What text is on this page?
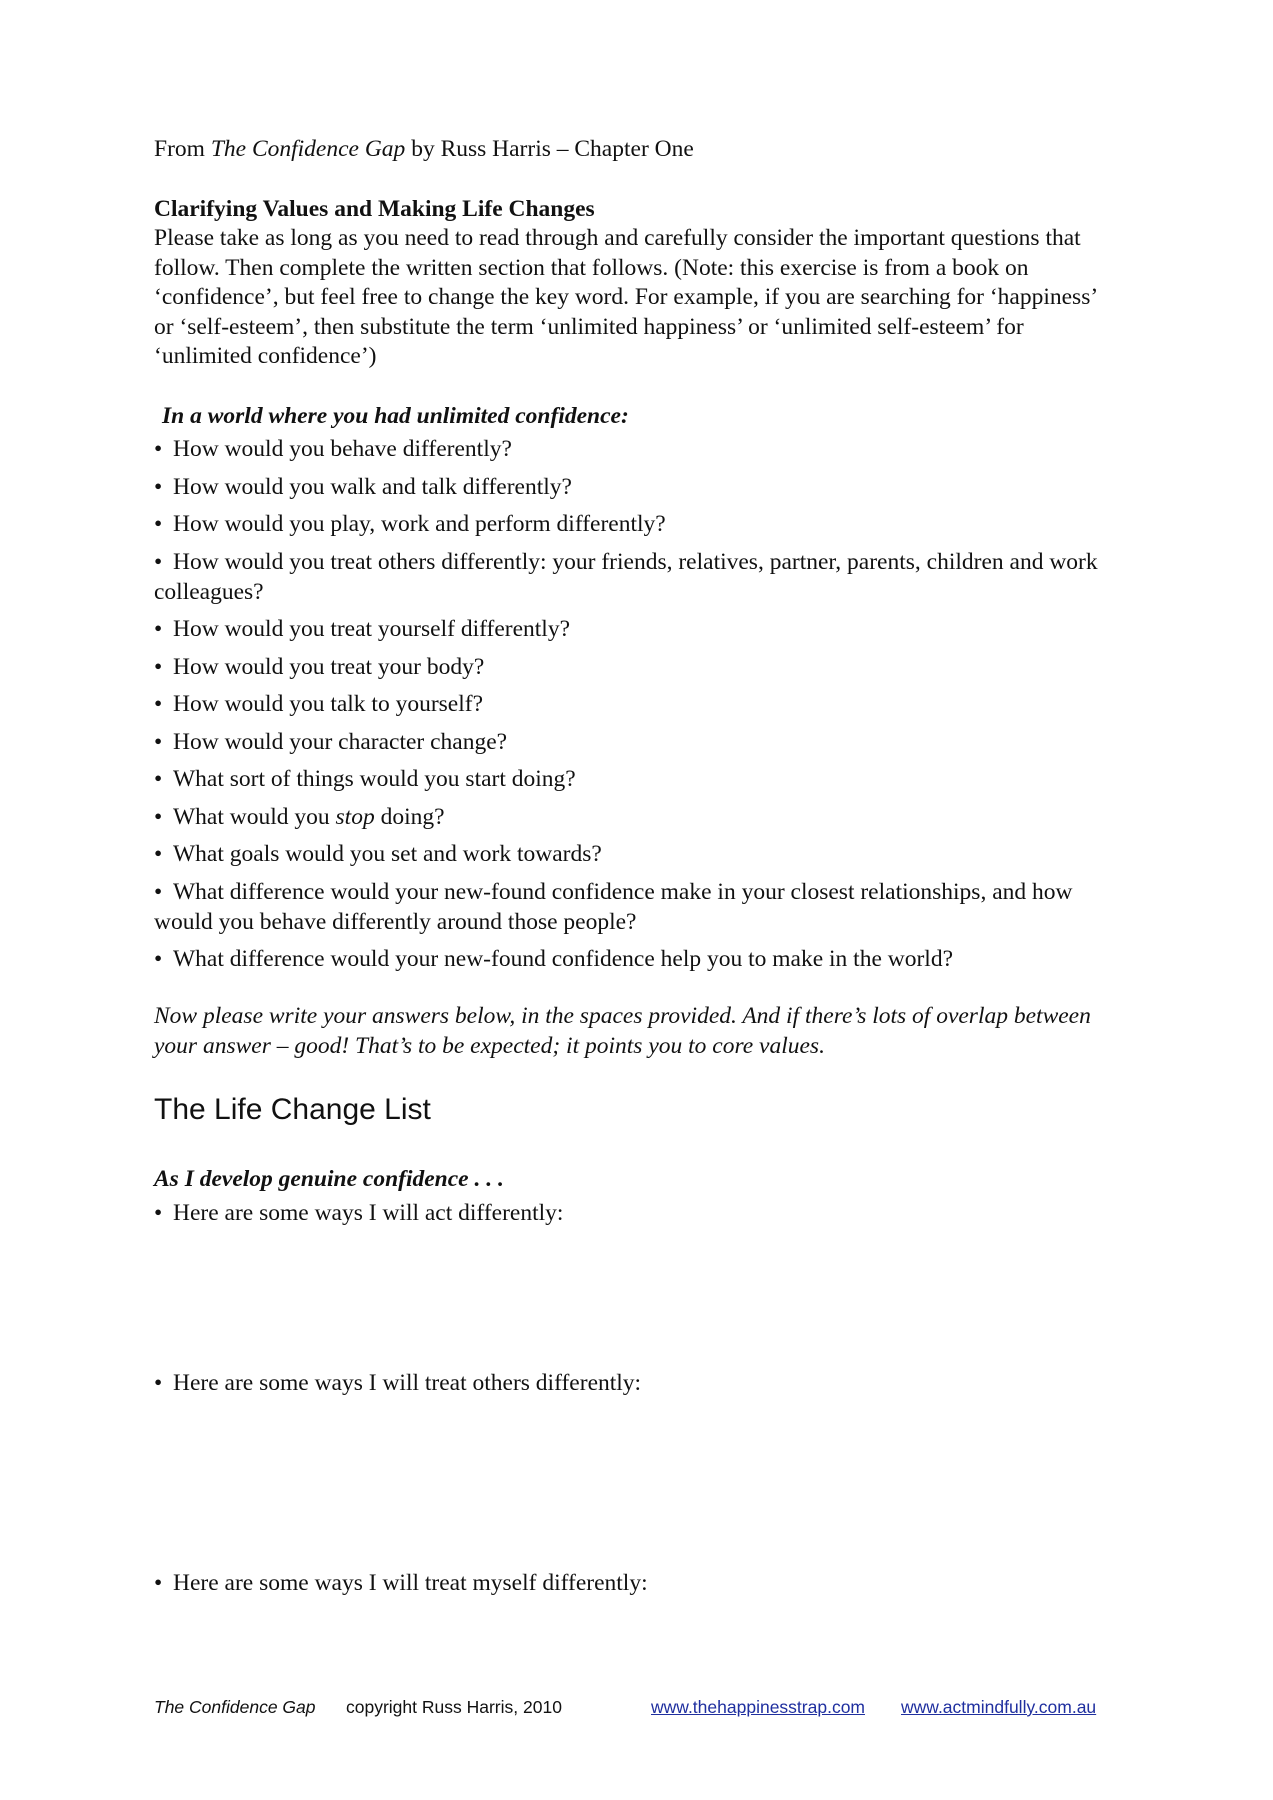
From The Confidence Gap by Russ Harris – Chapter One

Clarifying Values and Making Life Changes

Please take as long as you need to read through and carefully consider the important questions that follow. Then complete the written section that follows. (Note: this exercise is from a book on ‘confidence’, but feel free to change the key word. For example, if you are searching for ‘happiness’ or ‘self-esteem’, then substitute the term ‘unlimited happiness’ or ‘unlimited self-esteem’ for ‘unlimited confidence’)

In a world where you had unlimited confidence:

• How would you behave differently?
• How would you walk and talk differently?
• How would you play, work and perform differently?
• How would you treat others differently: your friends, relatives, partner, parents, children and work colleagues?
• How would you treat yourself differently?
• How would you treat your body?
• How would you talk to yourself?
• How would your character change?
• What sort of things would you start doing?
• What would you stop doing?
• What goals would you set and work towards?
• What difference would your new-found confidence make in your closest relationships, and how would you behave differently around those people?
• What difference would your new-found confidence help you to make in the world?

Now please write your answers below, in the spaces provided. And if there’s lots of overlap between your answer – good! That’s to be expected; it points you to core values.

The Life Change List

As I develop genuine confidence . . .

• Here are some ways I will act differently:

• Here are some ways I will treat others differently:

• Here are some ways I will treat myself differently:

The Confidence Gap copyright Russ Harris, 2010	www.thehappinesstrap.com www.actmindfully.com.au
